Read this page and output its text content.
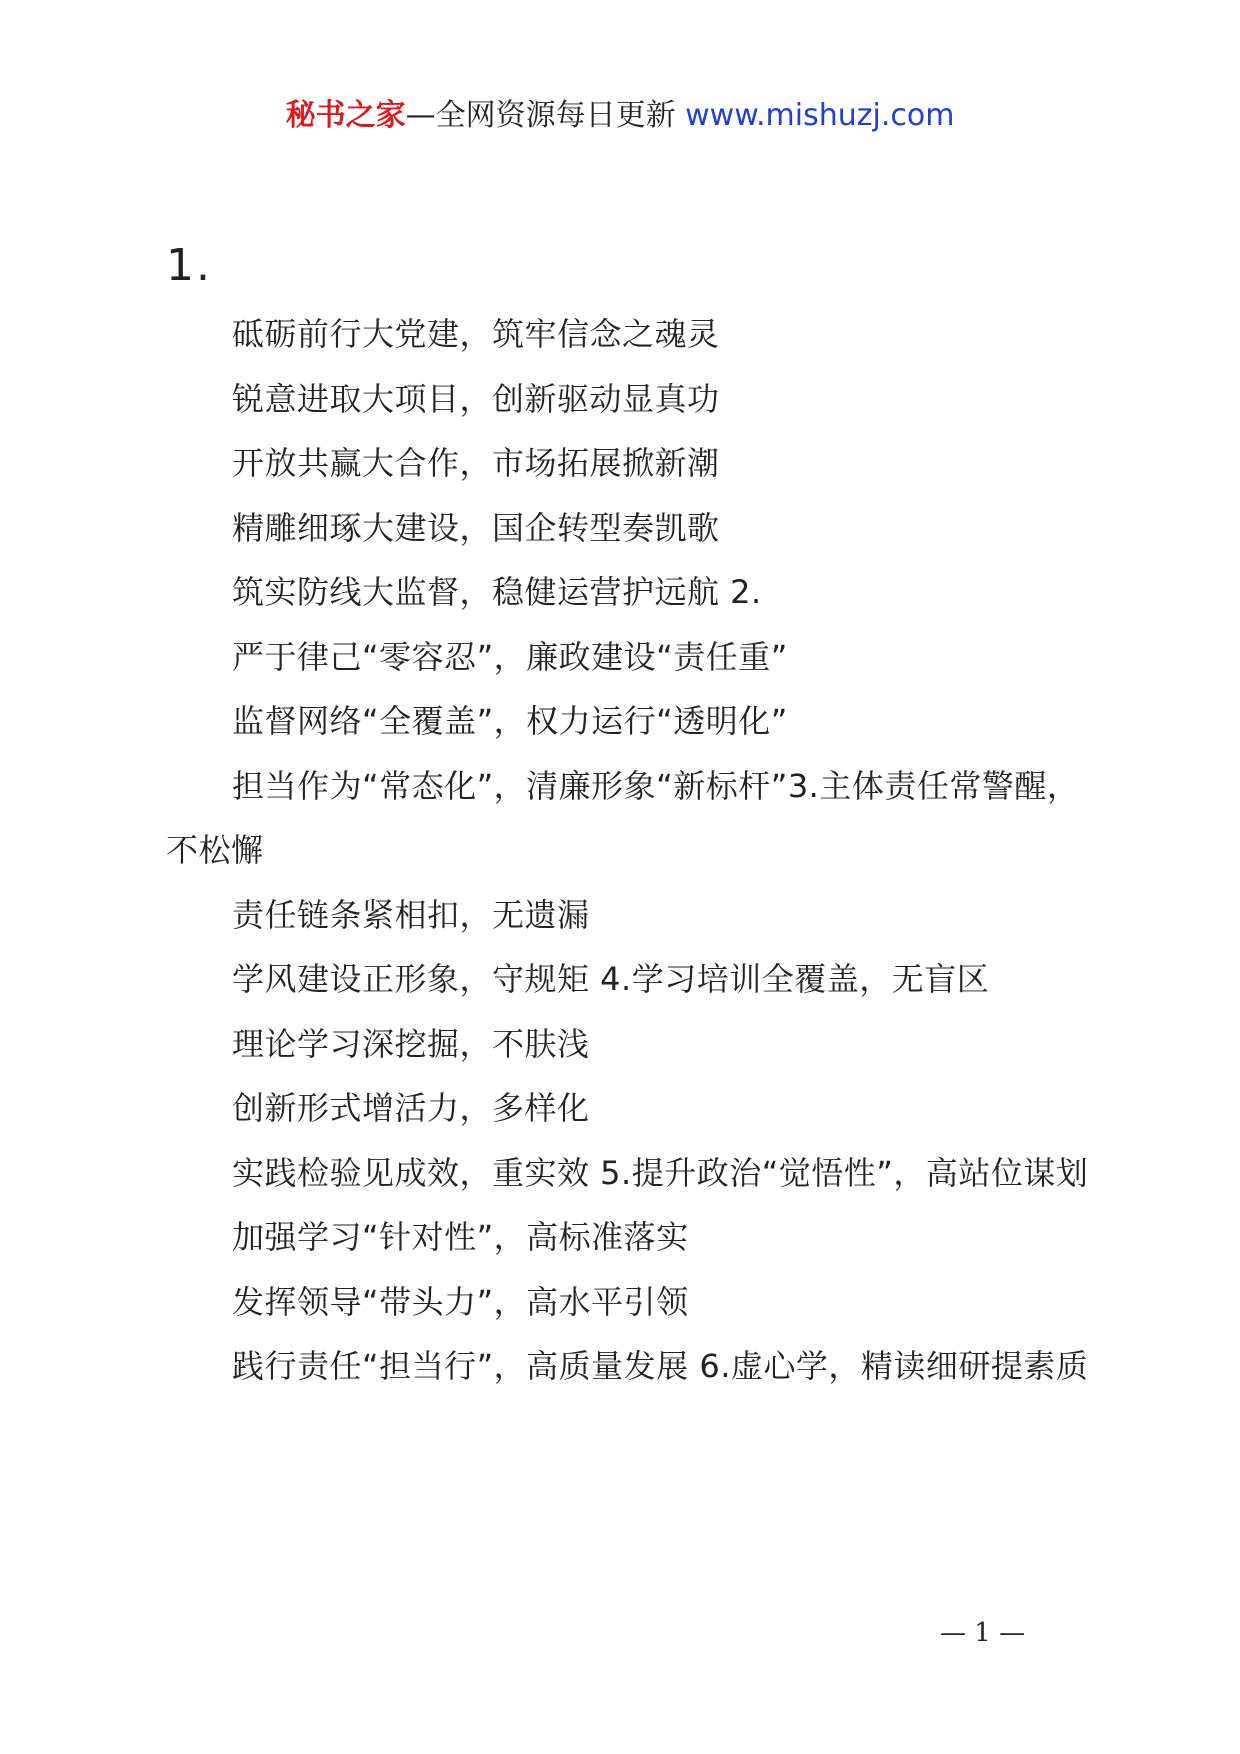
秘书之家—全网资源每日更新 www.mishuzj.com
1.

砥砺前行大党建，筑牢信念之魂灵

锐意进取大项目，创新驱动显真功

开放共赢大合作，市场拓展掀新潮

精雕细琢大建设，国企转型奏凯歌

筑实防线大监督，稳健运营护远航 2.

严于律己“零容忍”，廉政建设“责任重”

监督网络“全覆盖”，权力运行“透明化”

担当作为“常态化”，清廉形象“新标杆”3.主体责任常警醒，不松懈

责任链条紧相扣，无遗漏

学风建设正形象，守规矩 4.学习培训全覆盖，无盲区

理论学习深挖掘，不肤浅

创新形式增活力，多样化

实践检验见成效，重实效 5.提升政治“觉悟性”，高站位谋划

加强学习“针对性”，高标准落实

发挥领导“带头力”，高水平引领

践行责任“担当行”，高质量发展 6.虚心学，精读细研提素质

— 1 —
